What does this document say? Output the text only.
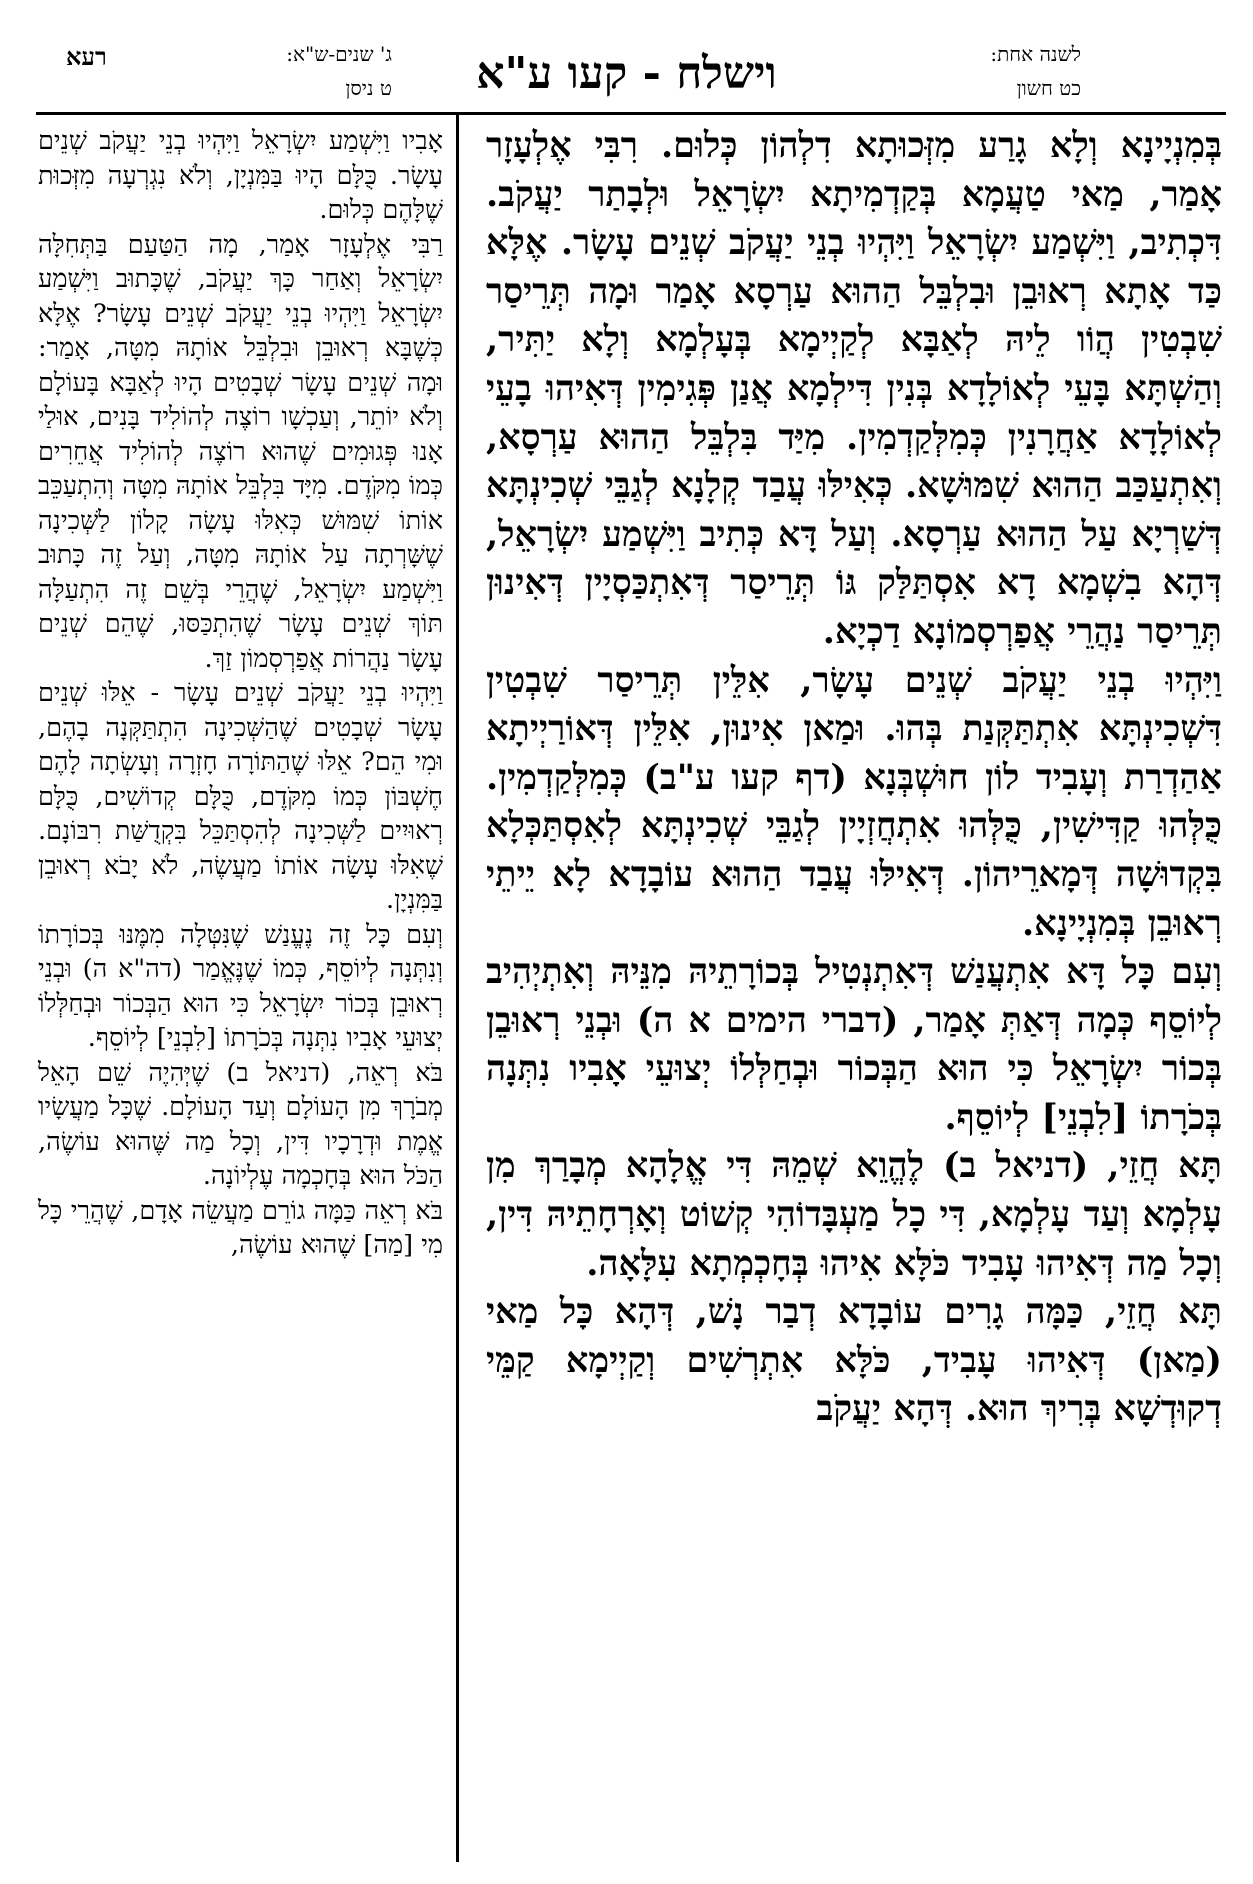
לשנה אחת:
כט חשון
וישלח - קעו ע"א
ג' שנים-ש"א:
ט ניסן
רעא

בְּמִנְיָינָא וְלָא גָרַע מִזְּכוּתָא דִלְהוֹן כְּלוּם. רִבִּי אֶלְעָזָר אָמַר, מַאי טַעֲמָא בְּקַדְמִיתָא יִשְׂרָאֵל וּלְבָתַר יַעֲקֹב. דִּכְתִיב, וַיִּשְׁמַע יִשְׂרָאֵל וַיִּהְיוּ בְנֵי יַעֲקֹב שְׁנֵים עָשָׂר. אֶלָּא כַּד אָתָא רְאוּבֵן וּבִלְבֵּל הַהוּא עַרְסָא אָמַר וּמָה תְּרֵיסַר שִׁבְטִין הֲוֹו לֵיהּ לְאַבָּא לְקַיְימָא בְּעָלְמָא וְלָא יַתִּיר, וְהַשְׁתָּא בָּעֵי לְאוֹלָדָא בְּנִין דִּילְמָא אֲנַן פְּגִימִין דְּאִיהוּ בָעֵי לְאוֹלָדָא אַחֲרָנִין כְּמִלְּקַדְמִין. מִיַּד בִּלְבֵּל הַהוּא עַרְסָא, וְאִתְעַכַּב הַהוּא שִׁמּוּשָׁא. כְּאִילּוּ עֲבַד קְלָנָא לְגַבֵּי שְׁכִינְתָּא דְּשַׁרְיָא עַל הַהוּא עַרְסָא. וְעַל דָּא כְּתִיב וַיִּשְׁמַע יִשְׂרָאֵל, דְּהָא בִשְׁמָא דָא אִסְתַּלַּק גּוֹ תְּרֵיסַר דְּאִתְכַּסְיָין דְּאִינוּן תְּרֵיסַר נַהֲרֵי אֲפַרְסְמוֹנָא דַכְיָא.

וַיִּהְיוּ בְנֵי יַעֲקֹב שְׁנֵים עָשָׂר, אִלֵּין תְּרֵיסַר שִׁבְטִין דִּשְׁכִינְתָּא אִתְתַּקְּנַת בְּהוּ. וּמַאן אִינוּן, אִלֵּין דְּאוֹרַיְיתָא אַהַדְרַת וְעָבִיד לוֹן חוּשְׁבְּנָא (דף קעו ע"ב) כְּמִלְּקַדְמִין. כֻּלְּהוּ קַדִּישִׁין, כֻּלְּהוּ אִתְחֲזְיָין לְגַבֵּי שְׁכִינְתָּא לְאִסְתַּכְּלָא בִּקְדוּשָׁה דְּמָארֵיהוֹן. דְּאִילּוּ עֲבַד הַהוּא עוֹבָדָא לָא יֵיתֵי רְאוּבֵן בְּמִנְיָינָא.

וְעִם כָּל דָּא אִתְעֲנַשׁ דְּאִתְנְטִיל בְּכוֹרָתֵיהּ מִנֵּיהּ וְאִתְיְהִיב לְיוֹסֵף כְּמָה דְּאַתְּ אָמַר, (דברי הימים א ה) וּבְנֵי רְאוּבֵן בְּכוֹר יִשְׂרָאֵל כִּי הוּא הַבְּכוֹר וּבְחַלְּלוֹ יְצוּעֵי אָבִיו נִתְּנָה בְּכֹרָתוֹ [לִבְנֵי] לְיוֹסֵף.

תָּא חֲזֵי, (דניאל ב) לֶהֱוֵא שְׁמֵהּ דִּי אֱלָהָא מְבָרַךְ מִן עָלְמָא וְעַד עָלְמָא, דִּי כָל מַעְבָּדוֹהִי קְשׁוֹט וְאָרְחָתֵיהּ דִּין, וְכָל מַה דְּאִיהוּ עָבִיד כֹּלָּא אִיהוּ בְּחָכְמְתָא עִלָּאָה.

תָּא חֲזֵי, כַּמָּה גָרִים עוֹבָדָא דְבַר נָשׁ, דְּהָא כָּל מַאי (מַאן) דְּאִיהוּ עָבִיד, כֹּלָּא אִתְרְשִׁים וְקַיְימָא קַמֵּי דְקוּדְשָׁא בְּרִיךְ הוּא. דְּהָא יַעֲקֹב

אָבִיו וַיִּשְׁמַע יִשְׂרָאֵל וַיִּהְיוּ בְנֵי יַעֲקֹב שְׁנֵים עָשָׂר. כֻּלָּם הָיוּ בַּמִּנְיָן, וְלֹא נִגְרְעָה מִזְּכוּת שֶׁלָּהֶם כְּלוּם.

רַבִּי אֶלְעָזָר אָמַר, מָה הַטַּעַם בַּתְּחִלָּה יִשְׂרָאֵל וְאַחַר כָּךְ יַעֲקֹב, שֶׁכָּתוּב וַיִּשְׁמַע יִשְׂרָאֵל וַיִּהְיוּ בְנֵי יַעֲקֹב שְׁנֵים עָשָׂר? אֶלָּא כְּשֶׁבָּא רְאוּבֵן וּבִלְבֵּל אוֹתָהּ מִטָּה, אָמַר: וּמָה שְׁנֵים עָשָׂר שְׁבָטִים הָיוּ לְאַבָּא בָּעוֹלָם וְלֹא יוֹתֵר, וְעַכְשָׁו רוֹצֶה לְהוֹלִיד בָּנִים, אוּלַי אָנוּ פְּגוּמִים שֶׁהוּא רוֹצֶה לְהוֹלִיד אֲחֵרִים כְּמוֹ מִקֹּדֶם. מִיָּד בִּלְבֵּל אוֹתָהּ מִטָּה וְהִתְעַכֵּב אוֹתוֹ שִׁמּוּשׁ כְּאִלּוּ עָשָׂה קָלוֹן לַשְּׁכִינָה שֶׁשָּׁרְתָה עַל אוֹתָהּ מִטָּה, וְעַל זֶה כָּתוּב וַיִּשְׁמַע יִשְׂרָאֵל, שֶׁהֲרֵי בְּשֵׁם זֶה הִתְעַלָּה תּוֹךְ שְׁנֵים עָשָׂר שֶׁהִתְכַּסּוּ, שֶׁהֵם שְׁנֵים עָשָׂר נַהֲרוֹת אֲפַרְסְמוֹן זַךְ.

וַיִּהְיוּ בְנֵי יַעֲקֹב שְׁנֵים עָשָׂר - אֵלּוּ שְׁנֵים עָשָׂר שְׁבָטִים שֶׁהַשְּׁכִינָה הִתְתַּקְּנָה בָהֶם, וּמִי הֵם? אֵלּוּ שֶׁהַתּוֹרָה חָזְרָה וְעָשְׂתָה לָהֶם חֶשְׁבּוֹן כְּמוֹ מִקֹּדֶם, כֻּלָּם קְדוֹשִׁים, כֻּלָּם רְאוּיִים לַשְּׁכִינָה לְהִסְתַּכֵּל בִּקְדֻשַּׁת רִבּוֹנָם. שֶׁאִלּוּ עָשָׂה אוֹתוֹ מַעֲשֶׂה, לֹא יָבֹא רְאוּבֵן בַּמִּנְיָן.

וְעִם כָּל זֶה נֶעֱנַשׁ שֶׁנִּטְּלָה מִמֶּנּוּ בְּכוֹרָתוֹ וְנִתְּנָה לְיוֹסֵף, כְּמוֹ שֶׁנֶּאֱמַר (דה"א ה) וּבְנֵי רְאוּבֵן בְּכוֹר יִשְׂרָאֵל כִּי הוּא הַבְּכוֹר וּבְחַלְּלוֹ יְצוּעֵי אָבִיו נִתְּנָה בְּכֹרָתוֹ [לִבְנֵי] לְיוֹסֵף.

בֹּא רְאֵה, (דניאל ב) שֶׁיְּהִיֶה שֵׁם הָאֵל מְבֹרָךְ מִן הָעוֹלָם וְעַד הָעוֹלָם. שֶׁכָּל מַעֲשָׂיו אֱמֶת וּדְרָכָיו דִּין, וְכָל מַה שֶּׁהוּא עוֹשֶׂה, הַכֹּל הוּא בְּחָכְמָה עֶלְיוֹנָה.

בֹּא רְאֵה כַּמָּה גוֹרֵם מַעֲשֵׂה אָדָם, שֶׁהֲרֵי כָּל מִי [מַה] שֶׁהוּא עוֹשֶׂה,
